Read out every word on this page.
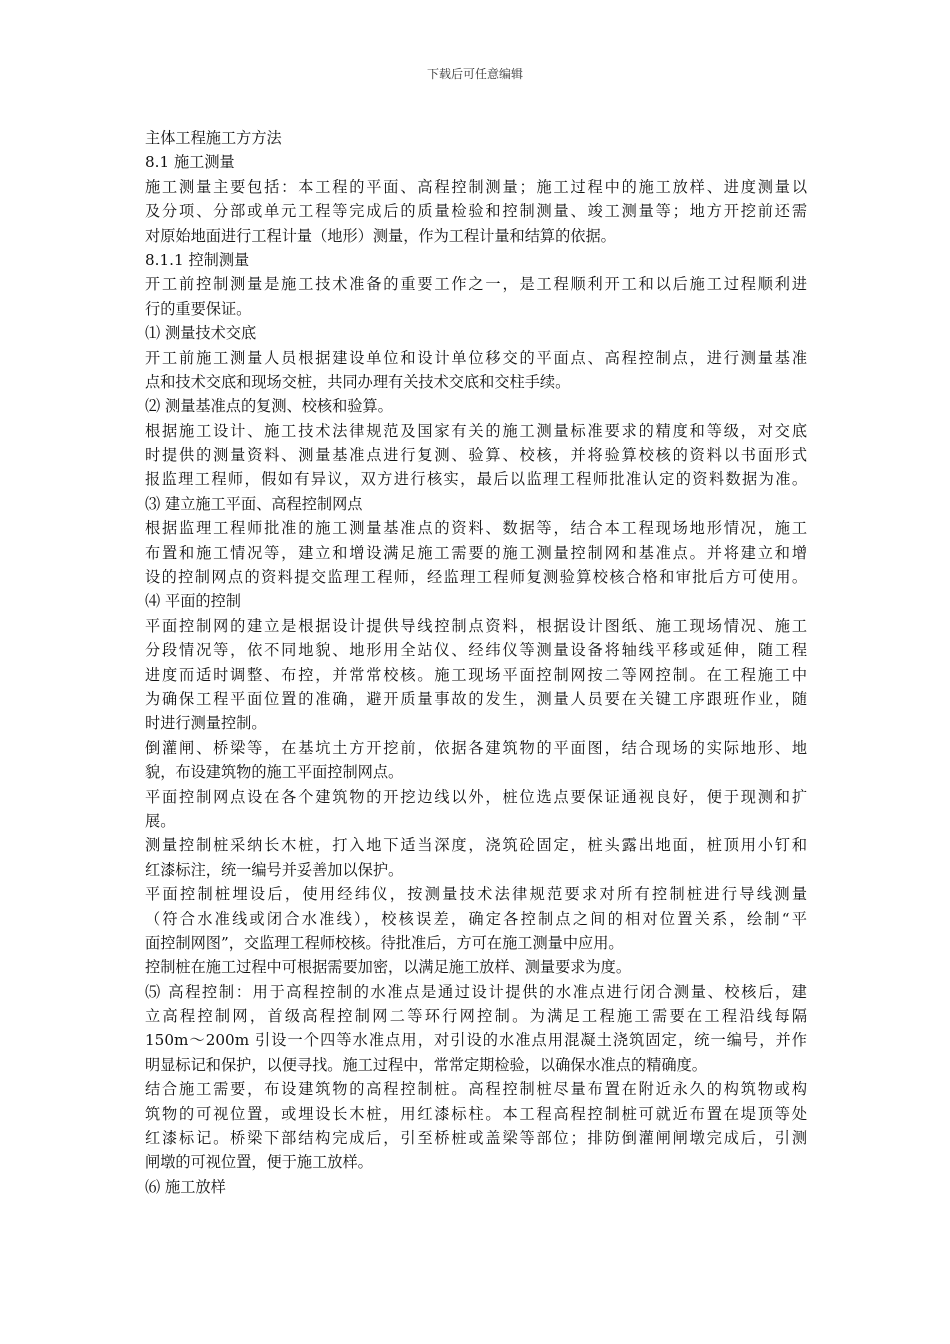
下载后可任意编辑
主体工程施工方方法
8.1 施工测量
施工测量主要包括：本工程的平面、高程控制测量；施工过程中的施工放样、进度测量以
及分项、分部或单元工程等完成后的质量检验和控制测量、竣工测量等；地方开挖前还需
对原始地面进行工程计量（地形）测量，作为工程计量和结算的依据。
8.1.1 控制测量
开工前控制测量是施工技术准备的重要工作之一，是工程顺利开工和以后施工过程顺利进
行的重要保证。
⑴ 测量技术交底
开工前施工测量人员根据建设单位和设计单位移交的平面点、高程控制点，进行测量基准
点和技术交底和现场交桩，共同办理有关技术交底和交柱手续。
⑵ 测量基准点的复测、校核和验算。
根据施工设计、施工技术法律规范及国家有关的施工测量标准要求的精度和等级，对交底
时提供的测量资料、测量基准点进行复测、验算、校核，并将验算校核的资料以书面形式
报监理工程师，假如有异议，双方进行核实，最后以监理工程师批准认定的资料数据为准。
⑶ 建立施工平面、高程控制网点
根据监理工程师批准的施工测量基准点的资料、数据等，结合本工程现场地形情况，施工
布置和施工情况等，建立和增设满足施工需要的施工测量控制网和基准点。并将建立和增
设的控制网点的资料提交监理工程师，经监理工程师复测验算校核合格和审批后方可使用。
⑷ 平面的控制
平面控制网的建立是根据设计提供导线控制点资料，根据设计图纸、施工现场情况、施工
分段情况等，依不同地貌、地形用全站仪、经纬仪等测量设备将轴线平移或延伸，随工程
进度而适时调整、布控，并常常校核。施工现场平面控制网按二等网控制。在工程施工中
为确保工程平面位置的准确，避开质量事故的发生，测量人员要在关键工序跟班作业，随
时进行测量控制。
倒灌闸、桥梁等，在基坑土方开挖前，依据各建筑物的平面图，结合现场的实际地形、地
貌，布设建筑物的施工平面控制网点。
平面控制网点设在各个建筑物的开挖边线以外，桩位选点要保证通视良好，便于现测和扩
展。
测量控制桩采纳长木桩，打入地下适当深度，浇筑砼固定，桩头露出地面，桩顶用小钉和
红漆标注，统一编号并妥善加以保护。
平面控制桩埋设后，使用经纬仪，按测量技术法律规范要求对所有控制桩进行导线测量
（符合水准线或闭合水准线），校核误差，确定各控制点之间的相对位置关系，绘制“平
面控制网图”，交监理工程师校核。待批准后，方可在施工测量中应用。
控制桩在施工过程中可根据需要加密，以满足施工放样、测量要求为度。
⑸ 高程控制：用于高程控制的水准点是通过设计提供的水准点进行闭合测量、校核后，建
立高程控制网，首级高程控制网二等环行网控制。为满足工程施工需要在工程沿线每隔
150m～200m 引设一个四等水准点用，对引设的水准点用混凝土浇筑固定，统一编号，并作
明显标记和保护，以便寻找。施工过程中，常常定期检验，以确保水准点的精确度。
结合施工需要，布设建筑物的高程控制桩。高程控制桩尽量布置在附近永久的构筑物或构
筑物的可视位置，或埋设长木桩，用红漆标柱。本工程高程控制桩可就近布置在堤顶等处
红漆标记。桥梁下部结构完成后，引至桥桩或盖梁等部位；排防倒灌闸闸墩完成后，引测
闸墩的可视位置，便于施工放样。
⑹ 施工放样
